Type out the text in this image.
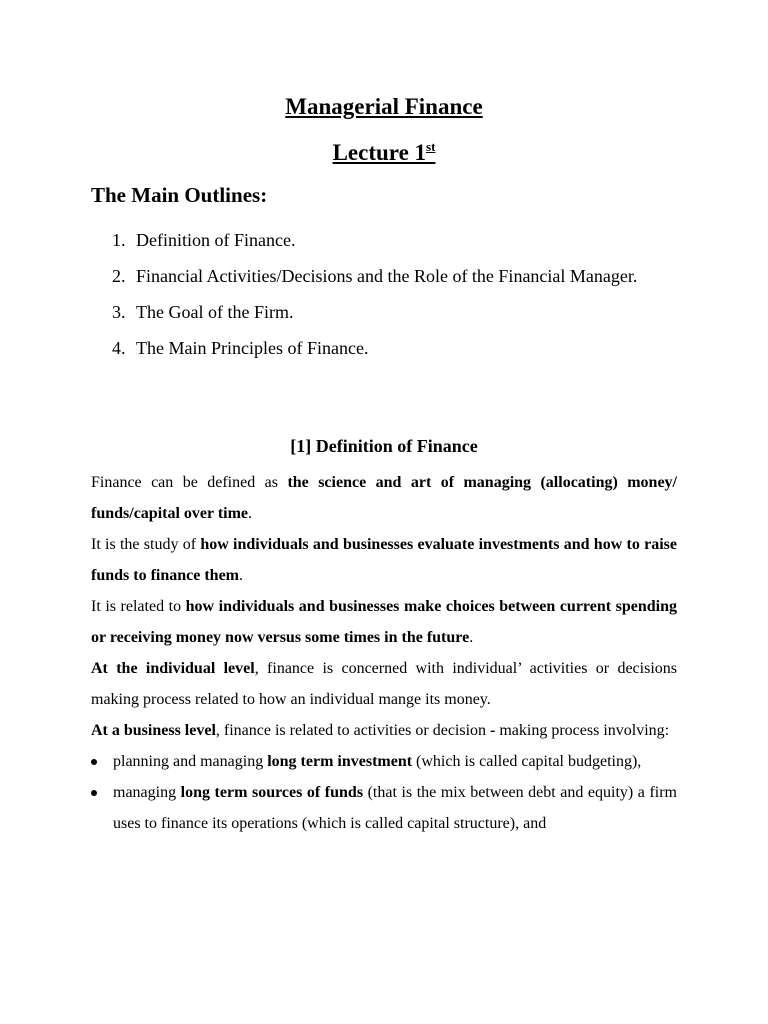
Managerial Finance
Lecture 1st
The Main Outlines:
1. Definition of Finance.
2. Financial Activities/Decisions and the Role of the Financial Manager.
3. The Goal of the Firm.
4. The Main Principles of Finance.
[1] Definition of Finance

Finance can be defined as the science and art of managing (allocating) money/ funds/capital over time.

It is the study of how individuals and businesses evaluate investments and how to raise funds to finance them.

It is related to how individuals and businesses make choices between current spending or receiving money now versus some times in the future.

At the individual level, finance is concerned with individual’ activities or decisions making process related to how an individual mange its money.

At a business level, finance is related to activities or decision - making process involving:

planning and managing long term investment (which is called capital budgeting),
managing long term sources of funds (that is the mix between debt and equity) a firm uses to finance its operations (which is called capital structure), and
